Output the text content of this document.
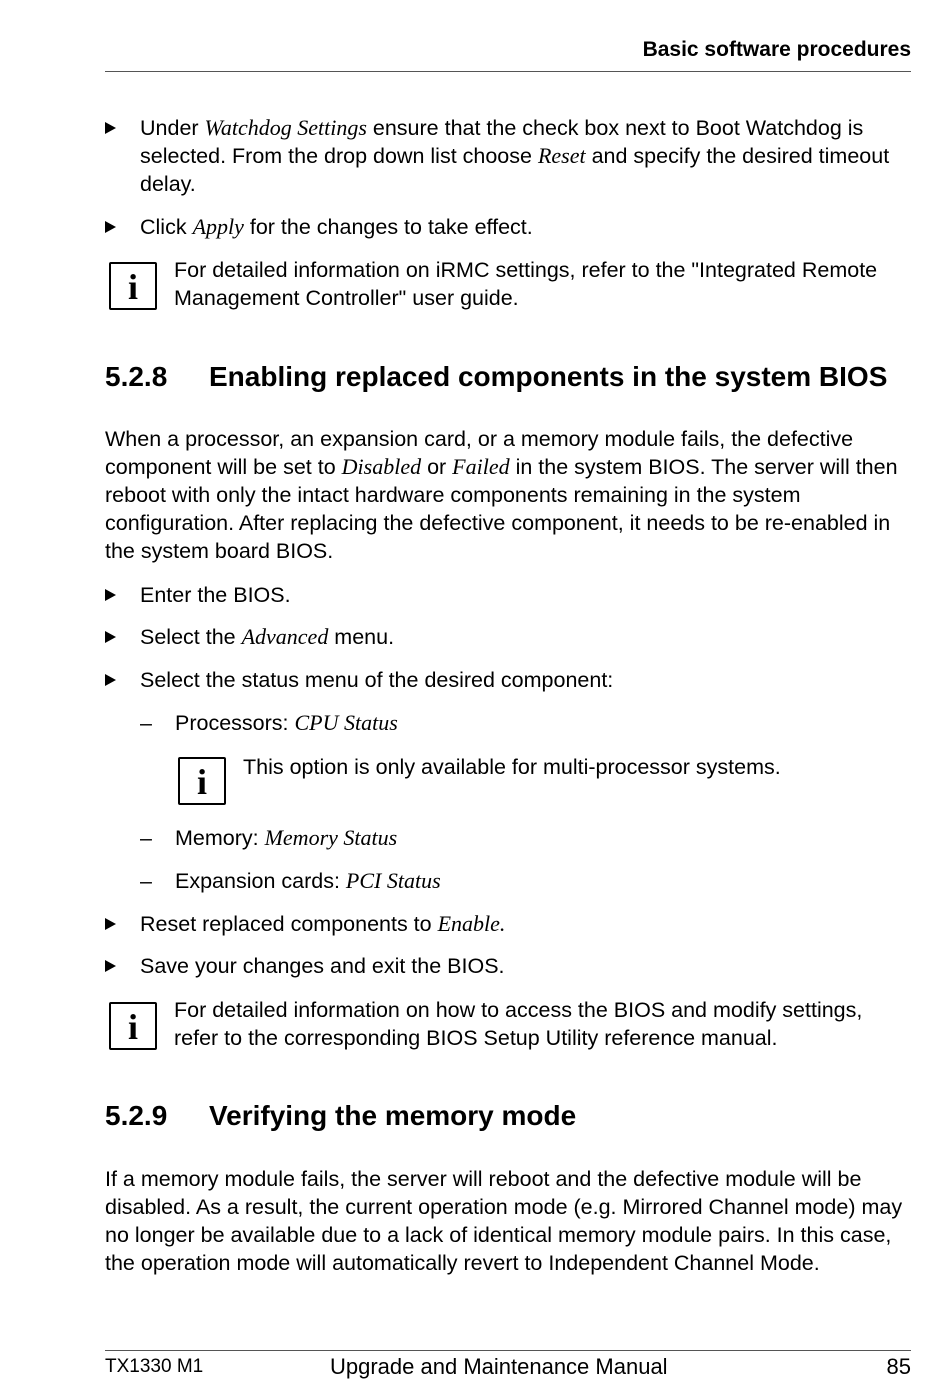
Basic software procedures
Under Watchdog Settings ensure that the check box next to Boot Watchdog is selected. From the drop down list choose Reset and specify the desired timeout delay.
Click Apply for the changes to take effect.
i	For detailed information on iRMC settings, refer to the "Integrated Remote Management Controller" user guide.
5.2.8 Enabling replaced components in the system BIOS
When a processor, an expansion card, or a memory module fails, the defective component will be set to Disabled or Failed in the system BIOS. The server will then reboot with only the intact hardware components remaining in the system configuration. After replacing the defective component, it needs to be re-enabled in the system board BIOS.
Enter the BIOS.
Select the Advanced menu.
Select the status menu of the desired component:
– Processors: CPU Status
i	This option is only available for multi-processor systems.
– Memory: Memory Status
– Expansion cards: PCI Status
Reset replaced components to Enable.
Save your changes and exit the BIOS.
i	For detailed information on how to access the BIOS and modify settings, refer to the corresponding BIOS Setup Utility reference manual.
5.2.9 Verifying the memory mode
If a memory module fails, the server will reboot and the defective module will be disabled. As a result, the current operation mode (e.g. Mirrored Channel mode) may no longer be available due to a lack of identical memory module pairs. In this case, the operation mode will automatically revert to Independent Channel Mode.
TX1330 M1	Upgrade and Maintenance Manual	85
